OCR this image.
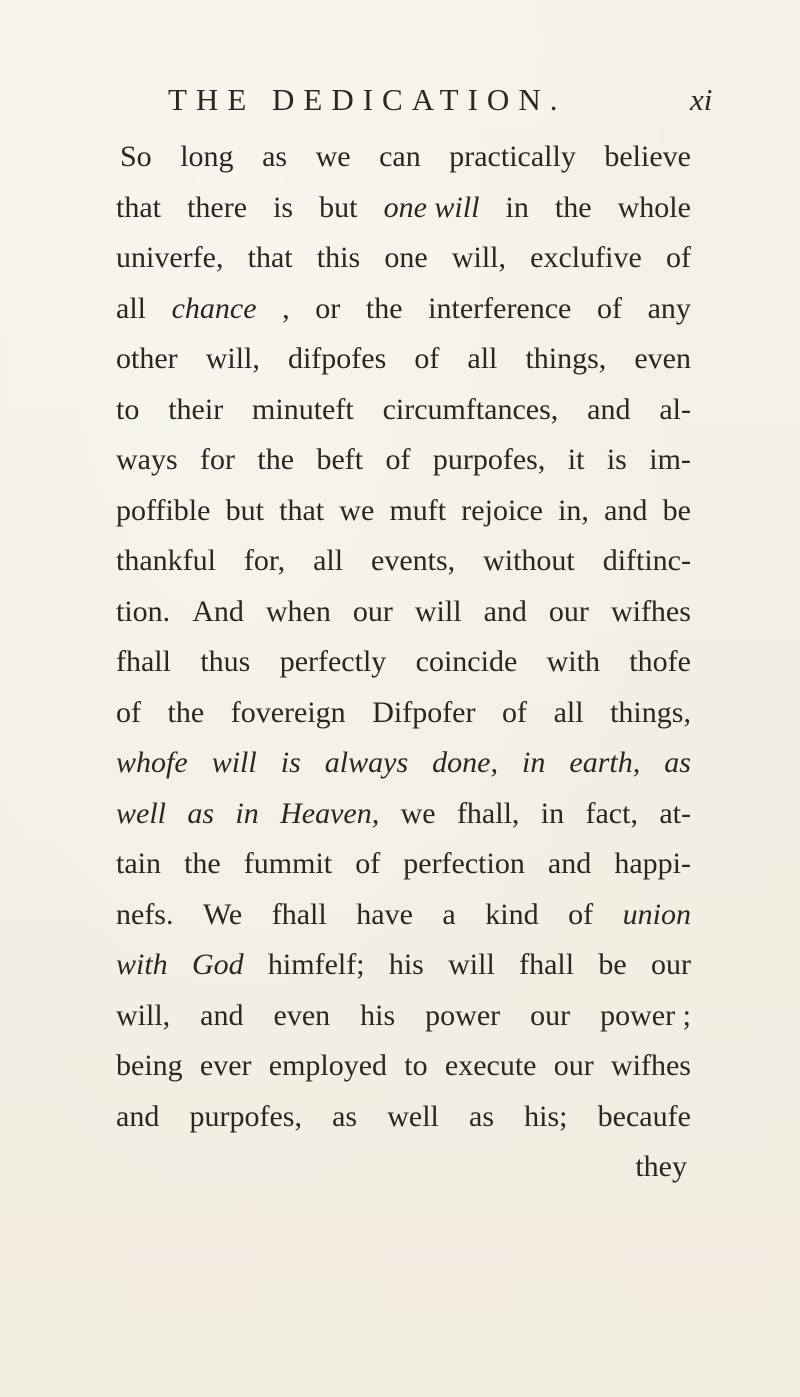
THE DEDICATION.	xi
So long as we can practically believe
that there is but one will in the whole
univerfe, that this one will, exclufive of
all chance , or the interference of any
other will, difpofes of all things, even
to their minuteft circumftances, and al-
ways for the beft of purpofes, it is im-
poffible but that we muft rejoice in, and be
thankful for, all events, without diftinc-
tion. And when our will and our wifhes
fhall thus perfectly coincide with thofe
of the fovereign Difpofer of all things,
whofe will is always done, in earth, as
well as in Heaven, we fhall, in fact, at-
tain the fummit of perfection and happi-
nefs. We fhall have a kind of union
with God himfelf; his will fhall be our
will, and even his power our power ;
being ever employed to execute our wifhes
and purpofes, as well as his; becaufe
they
